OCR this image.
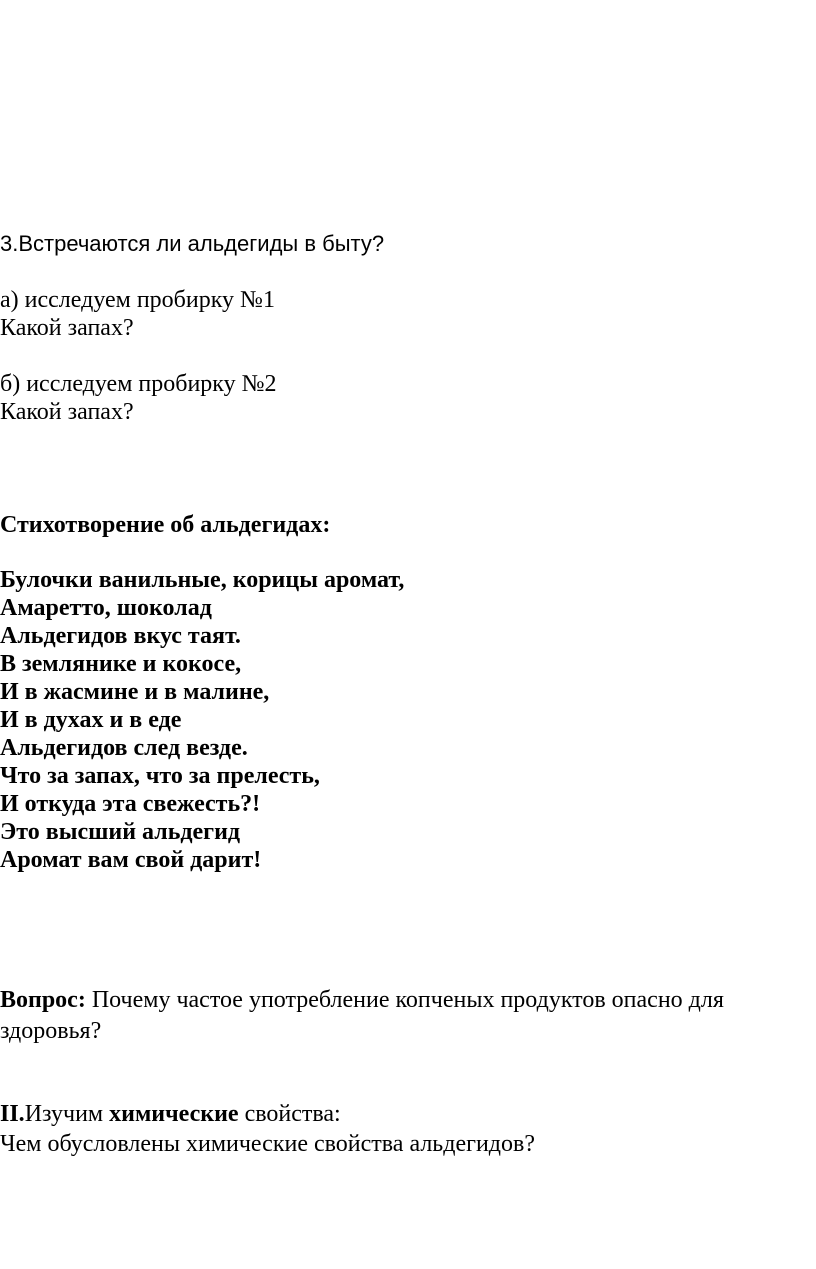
3.Встречаются ли альдегиды в быту?
а) исследуем пробирку №1
Какой запах?
б) исследуем пробирку №2
Какой запах?
Стихотворение об альдегидах:
Булочки ванильные, корицы аромат,
Амаретто, шоколад
Альдегидов вкус таят.
В землянике и кокосе,
И в жасмине и в малине,
И в духах и в еде
Альдегидов след везде.
Что за запах, что за прелесть,
И откуда эта свежесть?!
Это высший альдегид
Аромат вам свой дарит!
Вопрос: Почему частое употребление копченых продуктов опасно для здоровья?
II.Изучим химические свойства:
Чем обусловлены химические свойства альдегидов?
